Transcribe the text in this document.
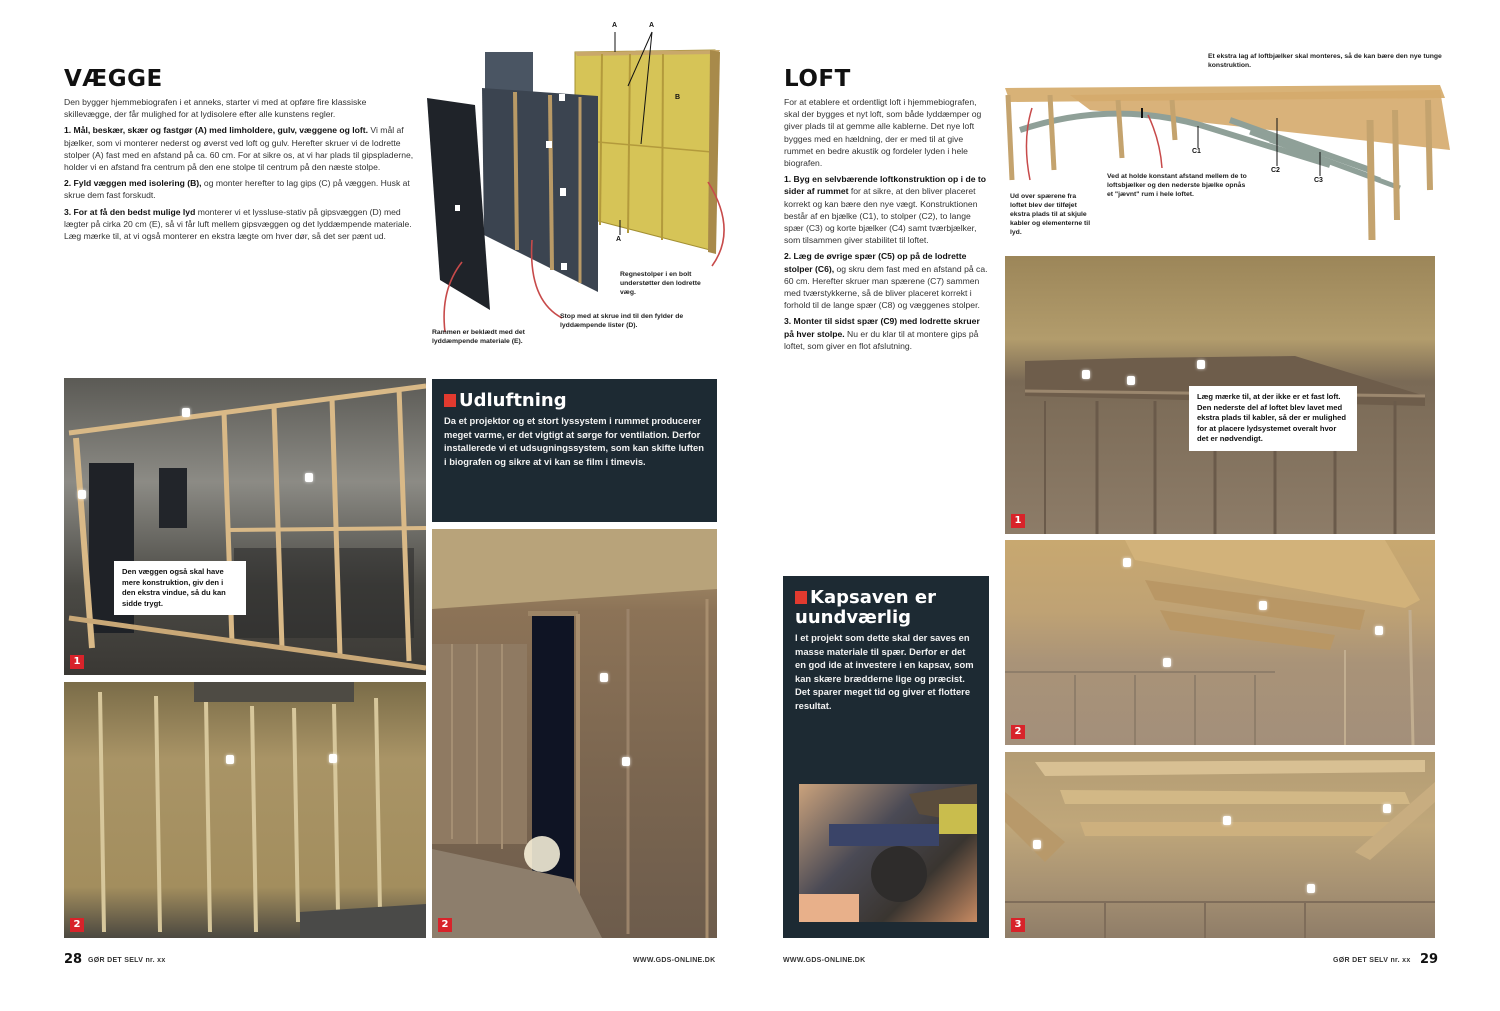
VÆGGE

Den bygger hjemmebiografen i et anneks, starter vi med at opføre fire klassiske skillevægge, der får mulighed for at lydisolere efter alle kunstens regler.

1. Mål, beskær, skær og fastgør (A) med limholdere, gulv, væggene og loft. Vi mål af bjælker, som vi monterer nederst og øverst ved loft og gulv. Herefter skruer vi de lodrette stolper (A) fast med en afstand på ca. 60 cm. For at sikre os, at vi har plads til gipspladerne, holder vi en afstand fra centrum på den ene stolpe til centrum på den næste stolpe.

2. Fyld væggen med isolering (B), og monter herefter to lag gips (C) på væggen. Husk at skrue dem fast forskudt.

3. For at få den bedst mulige lyd monterer vi et lyssluse-stativ på gipsvæggen (D) med lægter på cirka 20 cm (E), så vi får luft mellem gipsvæggen og det lyddæmpende materiale. Læg mærke til, at vi også monterer en ekstra lægte om hver dør, så det ser pænt ud.

A	A
B
A
Rammen er beklædt med det lyddæmpende materiale (E).
Stop med at skrue ind til den fylder de lyddæmpende lister (D).
Regnestolper i en bolt understøtter den lodrette væg.
Den væggen også skal have mere konstruktion, giv den i den ekstra vindue, så du kan sidde trygt.
1
2
Udluftning
Da et projektor og et stort lyssystem i rummet producerer meget varme, er det vigtigt at sørge for ventilation. Derfor installerede vi et udsugningssystem, som kan skifte luften i biografen og sikre at vi kan se film i timevis.
2
28 GØR DET SELV nr. xx	WWW.GDS-ONLINE.DK
LOFT

For at etablere et ordentligt loft i hjemmebiografen, skal der bygges et nyt loft, som både lyddæmper og giver plads til at gemme alle kablerne. Det nye loft bygges med en hældning, der er med til at give rummet en bedre akustik og fordeler lyden i hele biografen.

1. Byg en selvbærende loftkonstruktion op i de to sider af rummet for at sikre, at den bliver placeret korrekt og kan bære den nye vægt. Konstruktionen består af en bjælke (C1), to stolper (C2), to lange spær (C3) og korte bjælker (C4) samt tværbjælker, som tilsammen giver stabilitet til loftet.

2. Læg de øvrige spær (C5) op på de lodrette stolper (C6), og skru dem fast med en afstand på ca. 60 cm. Herefter skruer man spærene (C7) sammen med tværstykkerne, så de bliver placeret korrekt i forhold til de lange spær (C8) og væggenes stolper.

3. Monter til sidst spær (C9) med lodrette skruer på hver stolpe. Nu er du klar til at montere gips på loftet, som giver en flot afslutning.

C1
C2
C3
Ud over spærene fra loftet blev der tilføjet ekstra plads til at skjule kabler og elementerne til lyd.
Ved at holde konstant afstand mellem de to loftsbjælker og den nederste bjælke opnås et "jævnt" rum i hele loftet.
Et ekstra lag af loftbjælker skal monteres, så de kan bære den nye tunge konstruktion.
Læg mærke til, at der ikke er et fast loft. Den nederste del af loftet blev lavet med ekstra plads til kabler, så der er mulighed for at placere lydsystemet overalt hvor det er nødvendigt.
1
2
3
Kapsaven er uundværlig
I et projekt som dette skal der saves en masse materiale til spær. Derfor er det en god ide at investere i en kapsav, som kan skære brædderne lige og præcist. Det sparer meget tid og giver et flottere resultat.
WWW.GDS-ONLINE.DK	GØR DET SELV nr. xx 29
